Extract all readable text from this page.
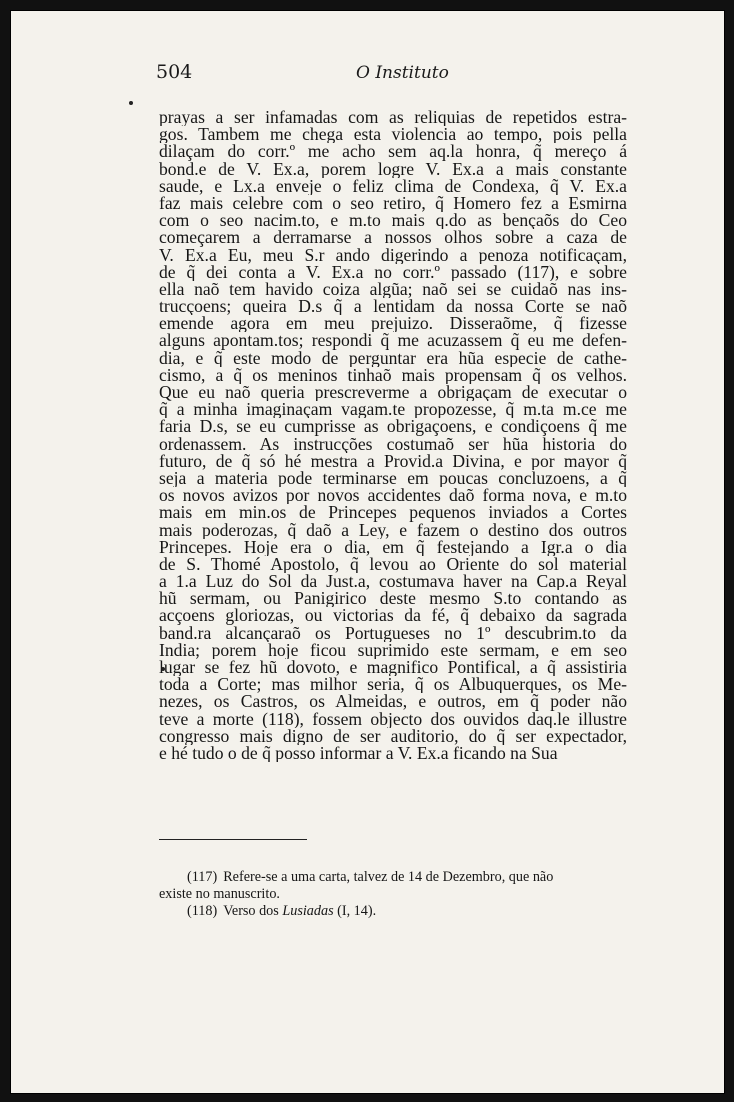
504	O Instituto
prayas a ser infamadas com as reliquias de repetidos estra-
gos. Tambem me chega esta violencia ao tempo, pois pella
dilaçam do corr.º me acho sem aq.la honra, q̃ mereço á
bond.e de V. Ex.a, porem logre V. Ex.a a mais constante
saude, e Lx.a enveje o feliz clima de Condexa, q̃ V. Ex.a
faz mais celebre com o seo retiro, q̃ Homero fez a Esmirna
com o seo nacim.to, e m.to mais q.do as bençaõs do Ceo
começarem a derramarse a nossos olhos sobre a caza de
V. Ex.a Eu, meu S.r ando digerindo a penoza notificaçam,
de q̃ dei conta a V. Ex.a no corr.º passado (117), e sobre
ella naõ tem havido coiza algũa; naõ sei se cuidaõ nas ins-
trucçoens; queira D.s q̃ a lentidam da nossa Corte se naõ
emende agora em meu prejuizo. Disseraõme, q̃ fizesse
alguns apontam.tos; respondi q̃ me acuzassem q̃ eu me defen-
dia, e q̃ este modo de perguntar era hũa especie de cathe-
cismo, a q̃ os meninos tinhaõ mais propensam q̃ os velhos.
Que eu naõ queria prescreverme a obrigaçam de executar o
q̃ a minha imaginaçam vagam.te propozesse, q̃ m.ta m.ce me
faria D.s, se eu cumprisse as obrigaçoens, e condiçoens q̃ me
ordenassem. As instrucções costumaõ ser hũa historia do
futuro, de q̃ só hé mestra a Provid.a Divina, e por mayor q̃
seja a materia pode terminarse em poucas concluzoens, a q̃
os novos avizos por novos accidentes daõ forma nova, e m.to
mais em min.os de Princepes pequenos inviados a Cortes
mais poderozas, q̃ daõ a Ley, e fazem o destino dos outros
Princepes. Hoje era o dia, em q̃ festejando a Igr.a o dia
de S. Thomé Apostolo, q̃ levou ao Oriente do sol material
a 1.a Luz do Sol da Just.a, costumava haver na Cap.a Reyal
hũ sermam, ou Panigirico deste mesmo S.to contando as
acçoens gloriozas, ou victorias da fé, q̃ debaixo da sagrada
band.ra alcançaraõ os Portugueses no 1º descubrim.to da
India; porem hoje ficou suprimido este sermam, e em seo
lugar se fez hũ dovoto, e magnifico Pontifical, a q̃ assistiria
toda a Corte; mas milhor seria, q̃ os Albuquerques, os Me-
nezes, os Castros, os Almeidas, e outros, em q̃ poder não
teve a morte (118), fossem objecto dos ouvidos daq.le illustre
congresso mais digno de ser auditorio, do q̃ ser expectador,
e hé tudo o de q̃ posso informar a V. Ex.a ficando na Sua
(117) Refere-se a uma carta, talvez de 14 de Dezembro, que não
existe no manuscrito.
(118) Verso dos Lusiadas (I, 14).
